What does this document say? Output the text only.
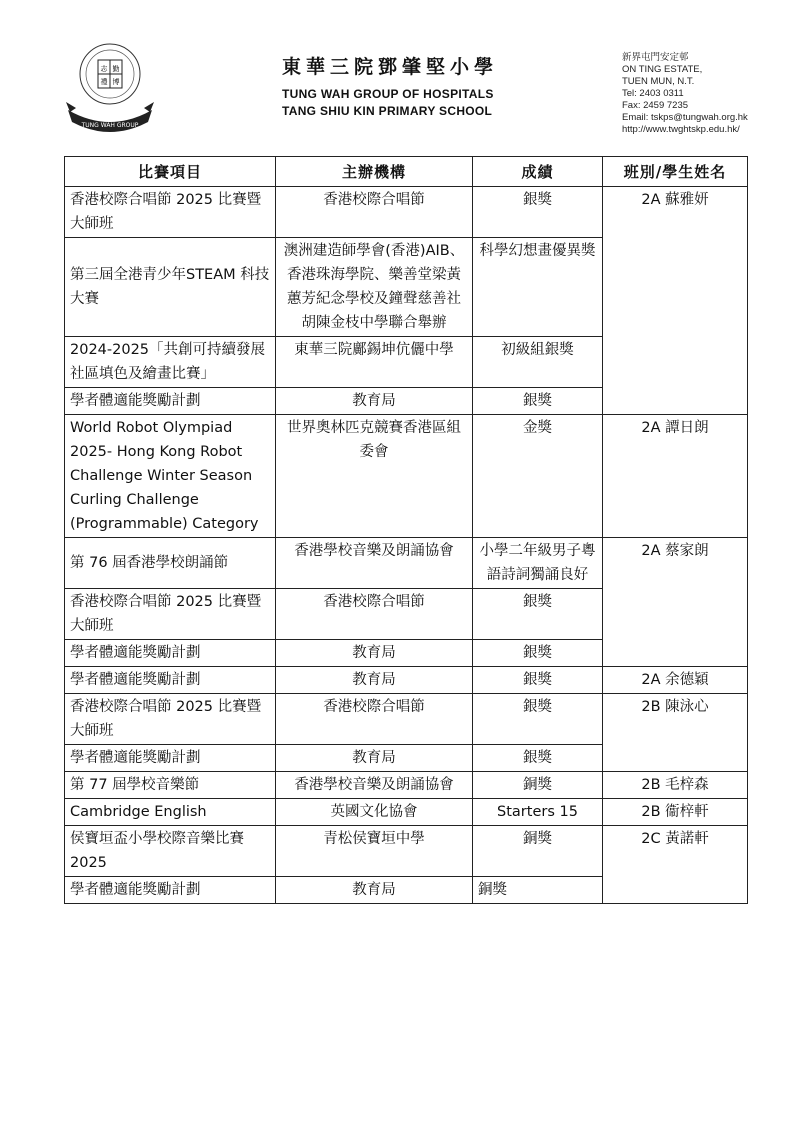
志 勤
禮 博
TUNG WAH GROUP
東華三院鄧肇堅小學
TUNG WAH GROUP OF HOSPITALS
TANG SHIU KIN PRIMARY SCHOOL
新界屯門安定邨
ON TING ESTATE,
TUEN MUN, N.T.
Tel: 2403 0311
Fax: 2459 7235
Email: tskps@tungwah.org.hk
http://www.twghtskp.edu.hk/
比賽項目	主辦機構	成績	班別/學生姓名
香港校際合唱節 2025 比賽暨大師班	香港校際合唱節	銀獎	2A 蘇雅妍
第三屆全港青少年STEAM 科技大賽	澳洲建造師學會(香港)AIB、香港珠海學院、樂善堂梁黃蕙芳紀念學校及鐘聲慈善社胡陳金枝中學聯合舉辦	科學幻想畫優異獎	
2024-2025「共創可持續發展社區填色及繪畫比賽」	東華三院鄺錫坤伉儷中學	初級組銀獎	
學者體適能獎勵計劃	教育局	銀獎	
World Robot Olympiad 2025- Hong Kong Robot Challenge Winter Season Curling Challenge (Programmable) Category	世界奧林匹克競賽香港區組委會	金獎	2A 譚日朗
第 76 屆香港學校朗誦節	香港學校音樂及朗誦協會	小學二年級男子粵語詩詞獨誦良好	2A 蔡家朗
香港校際合唱節 2025 比賽暨大師班	香港校際合唱節	銀獎	
學者體適能獎勵計劃	教育局	銀獎	
學者體適能獎勵計劃	教育局	銀獎	2A 余德穎
香港校際合唱節 2025 比賽暨大師班	香港校際合唱節	銀獎	2B 陳泳心
學者體適能獎勵計劃	教育局	銀獎	
第 77 屆學校音樂節	香港學校音樂及朗誦協會	銅獎	2B 毛梓森
Cambridge English	英國文化協會	Starters 15	2B 衞梓軒
侯寶垣盃小學校際音樂比賽 2025	青松侯寶垣中學	銅獎	2C 黃諾軒
學者體適能獎勵計劃	教育局	銅獎	
